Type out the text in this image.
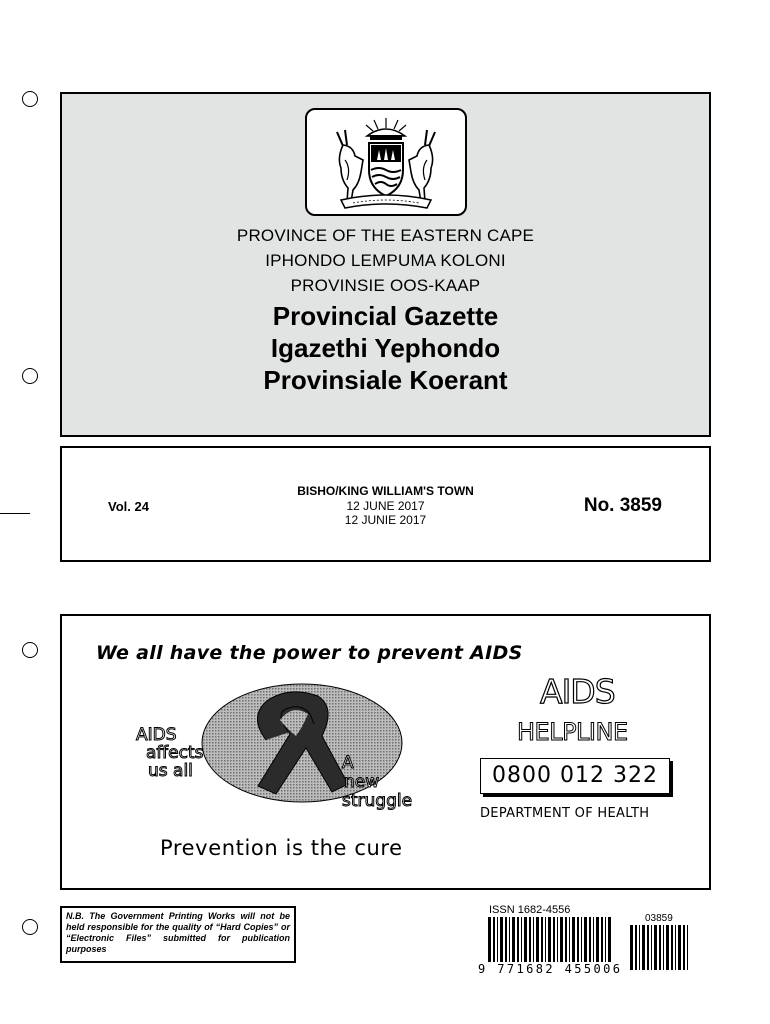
PROVINCE OF THE EASTERN CAPE
IPHONDO LEMPUMA KOLONI
PROVINSIE OOS-KAAP
Provincial Gazette
Igazethi Yephondo
Provinsiale Koerant
Vol. 24
BISHO/KING WILLIAM'S TOWN
12 JUNE 2017
12 JUNIE 2017
No. 3859
We all have the power to prevent AIDS
AIDS
affects
us all	A
new
struggle
Prevention is the cure
AIDS
HELPLINE
0800 012 322
DEPARTMENT OF HEALTH
N.B. The Government Printing Works will not be held responsible for the quality of “Hard Copies” or “Electronic Files” submitted for publication purposes
ISSN 1682-4556
03859
9 771682 455006
